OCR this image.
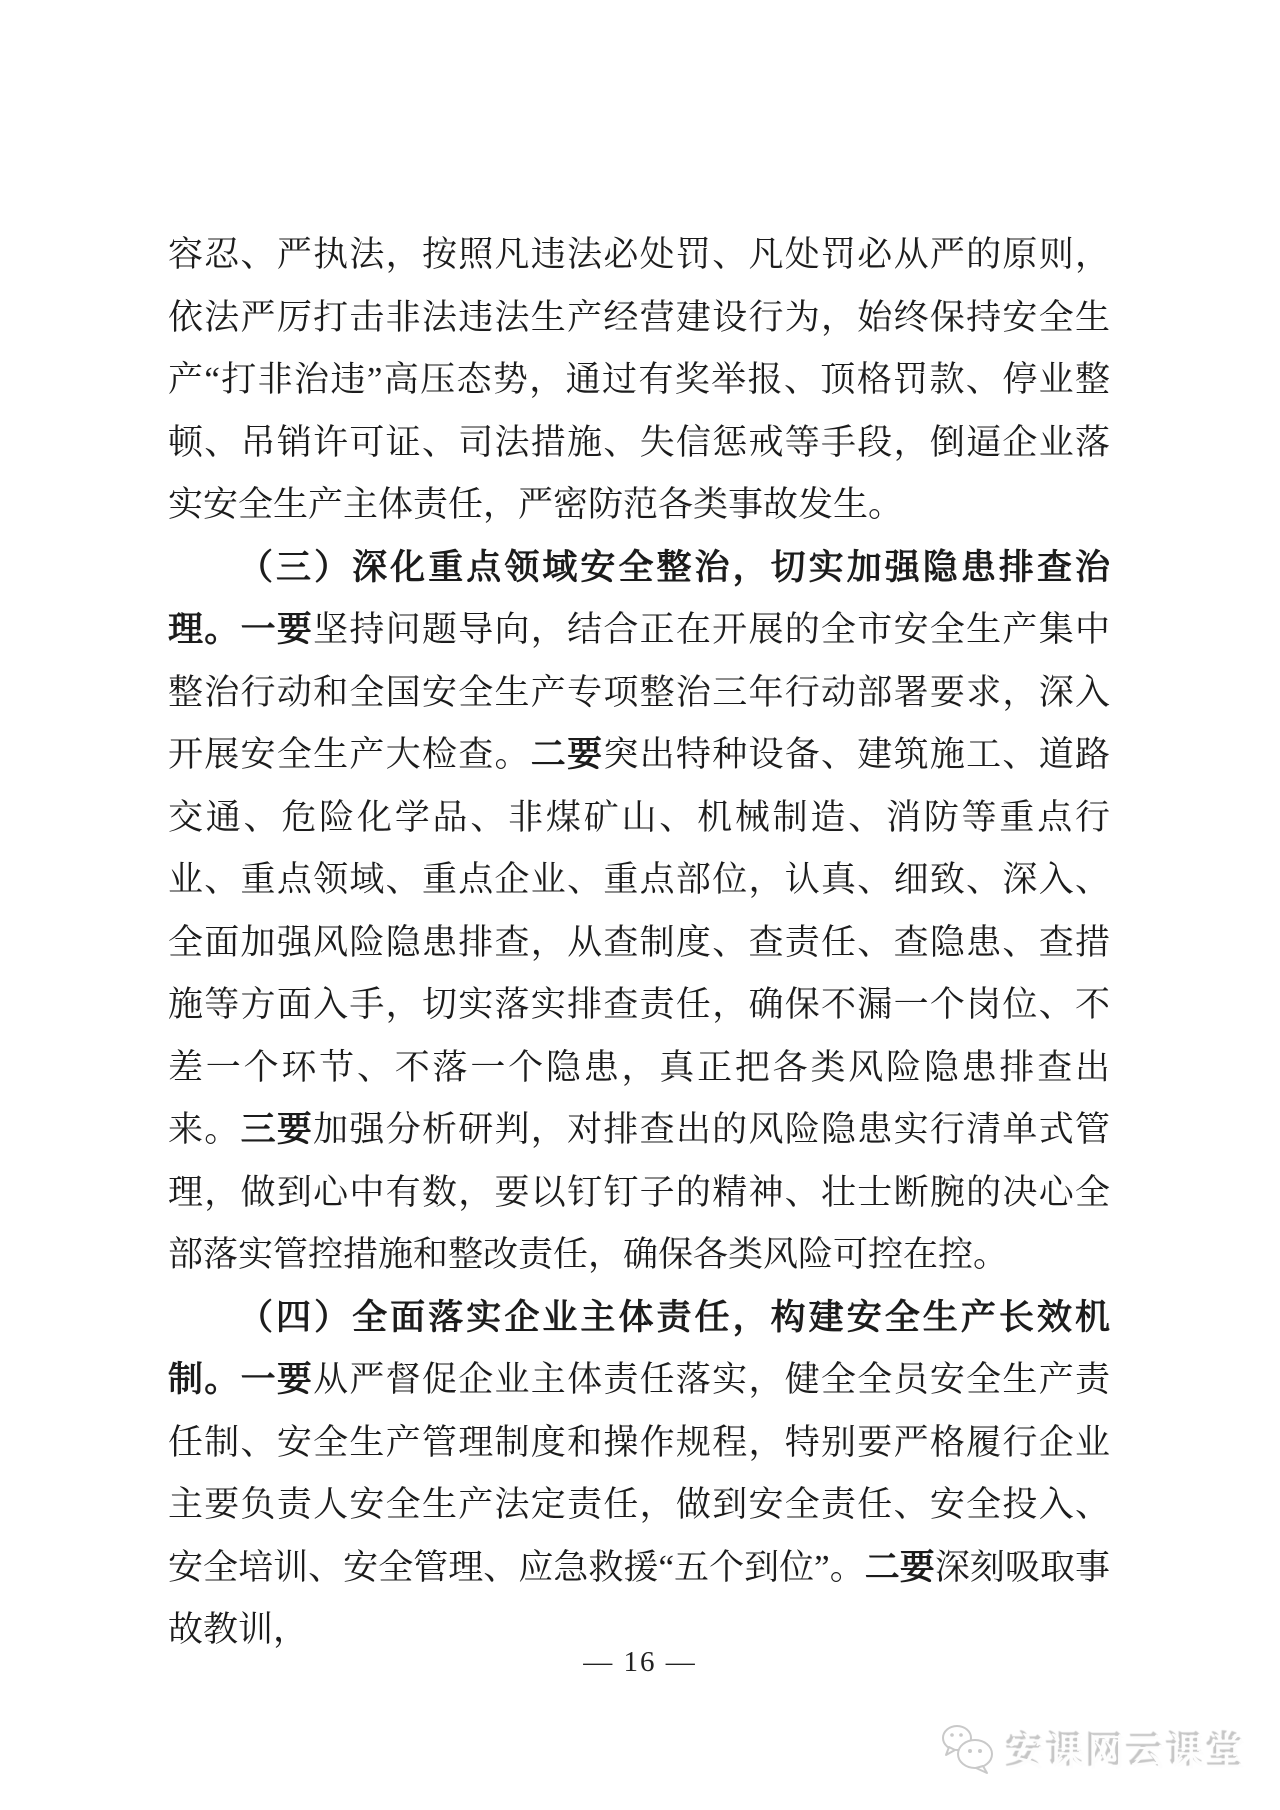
容忍、严执法，按照凡违法必处罚、凡处罚必从严的原则，依法严厉打击非法违法生产经营建设行为，始终保持安全生产“打非治违”高压态势，通过有奖举报、顶格罚款、停业整顿、吊销许可证、司法措施、失信惩戒等手段，倒逼企业落实安全生产主体责任，严密防范各类事故发生。

（三）深化重点领域安全整治，切实加强隐患排查治理。一要坚持问题导向，结合正在开展的全市安全生产集中整治行动和全国安全生产专项整治三年行动部署要求，深入开展安全生产大检查。二要突出特种设备、建筑施工、道路交通、危险化学品、非煤矿山、机械制造、消防等重点行业、重点领域、重点企业、重点部位，认真、细致、深入、全面加强风险隐患排查，从查制度、查责任、查隐患、查措施等方面入手，切实落实排查责任，确保不漏一个岗位、不差一个环节、不落一个隐患，真正把各类风险隐患排查出来。三要加强分析研判，对排查出的风险隐患实行清单式管理，做到心中有数，要以钉钉子的精神、壮士断腕的决心全部落实管控措施和整改责任，确保各类风险可控在控。

（四）全面落实企业主体责任，构建安全生产长效机制。一要从严督促企业主体责任落实，健全全员安全生产责任制、安全生产管理制度和操作规程，特别要严格履行企业主要负责人安全生产法定责任，做到安全责任、安全投入、安全培训、安全管理、应急救援“五个到位”。二要深刻吸取事故教训，

— 16 —
安课网云课堂
